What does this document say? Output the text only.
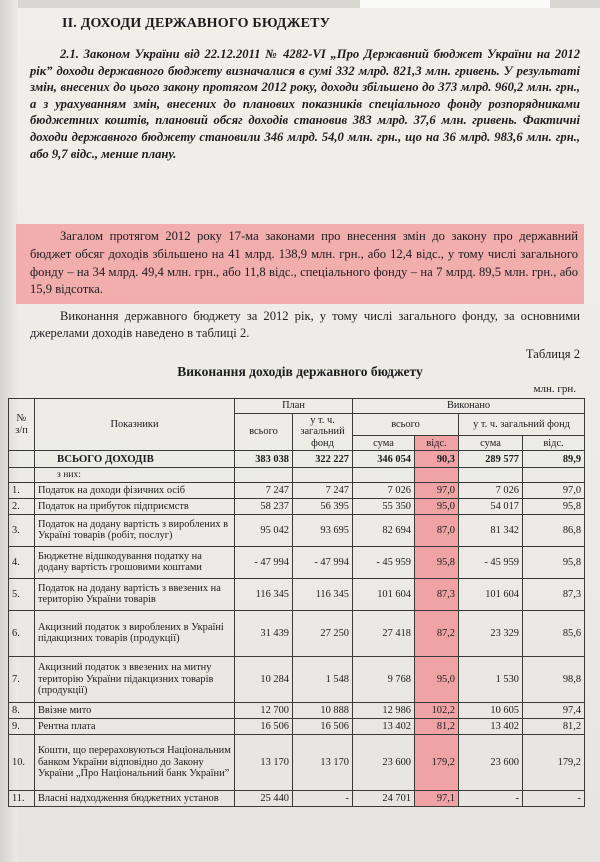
ІІ. ДОХОДИ ДЕРЖАВНОГО БЮДЖЕТУ
2.1. Законом України від 22.12.2011 № 4282-VI „Про Державний бюджет України на 2012 рік” доходи державного бюджету визначалися в сумі 332 млрд. 821,3 млн. гривень. У результаті змін, внесених до цього закону протягом 2012 року, доходи збільшено до 373 млрд. 960,2 млн. грн., а з урахуванням змін, внесених до планових показників спеціального фонду розпорядниками бюджетних коштів, плановий обсяг доходів становив 383 млрд. 37,6 млн. гривень. Фактичні доходи державного бюджету становили 346 млрд. 54,0 млн. грн., що на 36 млрд. 983,6 млн. грн., або 9,7 відс., менше плану.
Загалом протягом 2012 року 17-ма законами про внесення змін до закону про державний бюджет обсяг доходів збільшено на 41 млрд. 138,9 млн. грн., або 12,4 відс., у тому числі загального фонду – на 34 млрд. 49,4 млн. грн., або 11,8 відс., спеціального фонду – на 7 млрд. 89,5 млн. грн., або 15,9 відсотка.
Виконання державного бюджету за 2012 рік, у тому числі загального фонду, за основними джерелами доходів наведено в таблиці 2.
Таблиця 2
Виконання доходів державного бюджету
млн. грн.
№ з/п	Показники	План		Виконано			
		всього	у т. ч. загальний фонд	всього		у т. ч. загальний фонд	
				сума	відс.	сума	відс.
	ВСЬОГО ДОХОДІВ	383 038	322 227	346 054	90,3	289 577	89,9
	з них:						
1.	Податок на доходи фізичних осіб	7 247	7 247	7 026	97,0	7 026	97,0
2.	Податок на прибуток підприємств	58 237	56 395	55 350	95,0	54 017	95,8
3.	Податок на додану вартість з вироблених в Україні товарів (робіт, послуг)	95 042	93 695	82 694	87,0	81 342	86,8
4.	Бюджетне відшкодування податку на додану вартість грошовими коштами	- 47 994	- 47 994	- 45 959	95,8	- 45 959	95,8
5.	Податок на додану вартість з ввезених на територію України товарів	116 345	116 345	101 604	87,3	101 604	87,3
6.	Акцизний податок з вироблених в Україні підакцизних товарів (продукції)	31 439	27 250	27 418	87,2	23 329	85,6
7.	Акцизний податок з ввезених на митну територію України підакцизних товарів (продукції)	10 284	1 548	9 768	95,0	1 530	98,8
8.	Ввізне мито	12 700	10 888	12 986	102,2	10 605	97,4
9.	Рентна плата	16 506	16 506	13 402	81,2	13 402	81,2
10.	Кошти, що перераховуються Національним банком України відповідно до Закону України „Про Національний банк України”	13 170	13 170	23 600	179,2	23 600	179,2
11.	Власні надходження бюджетних установ	25 440	-	24 701	97,1	-	-
